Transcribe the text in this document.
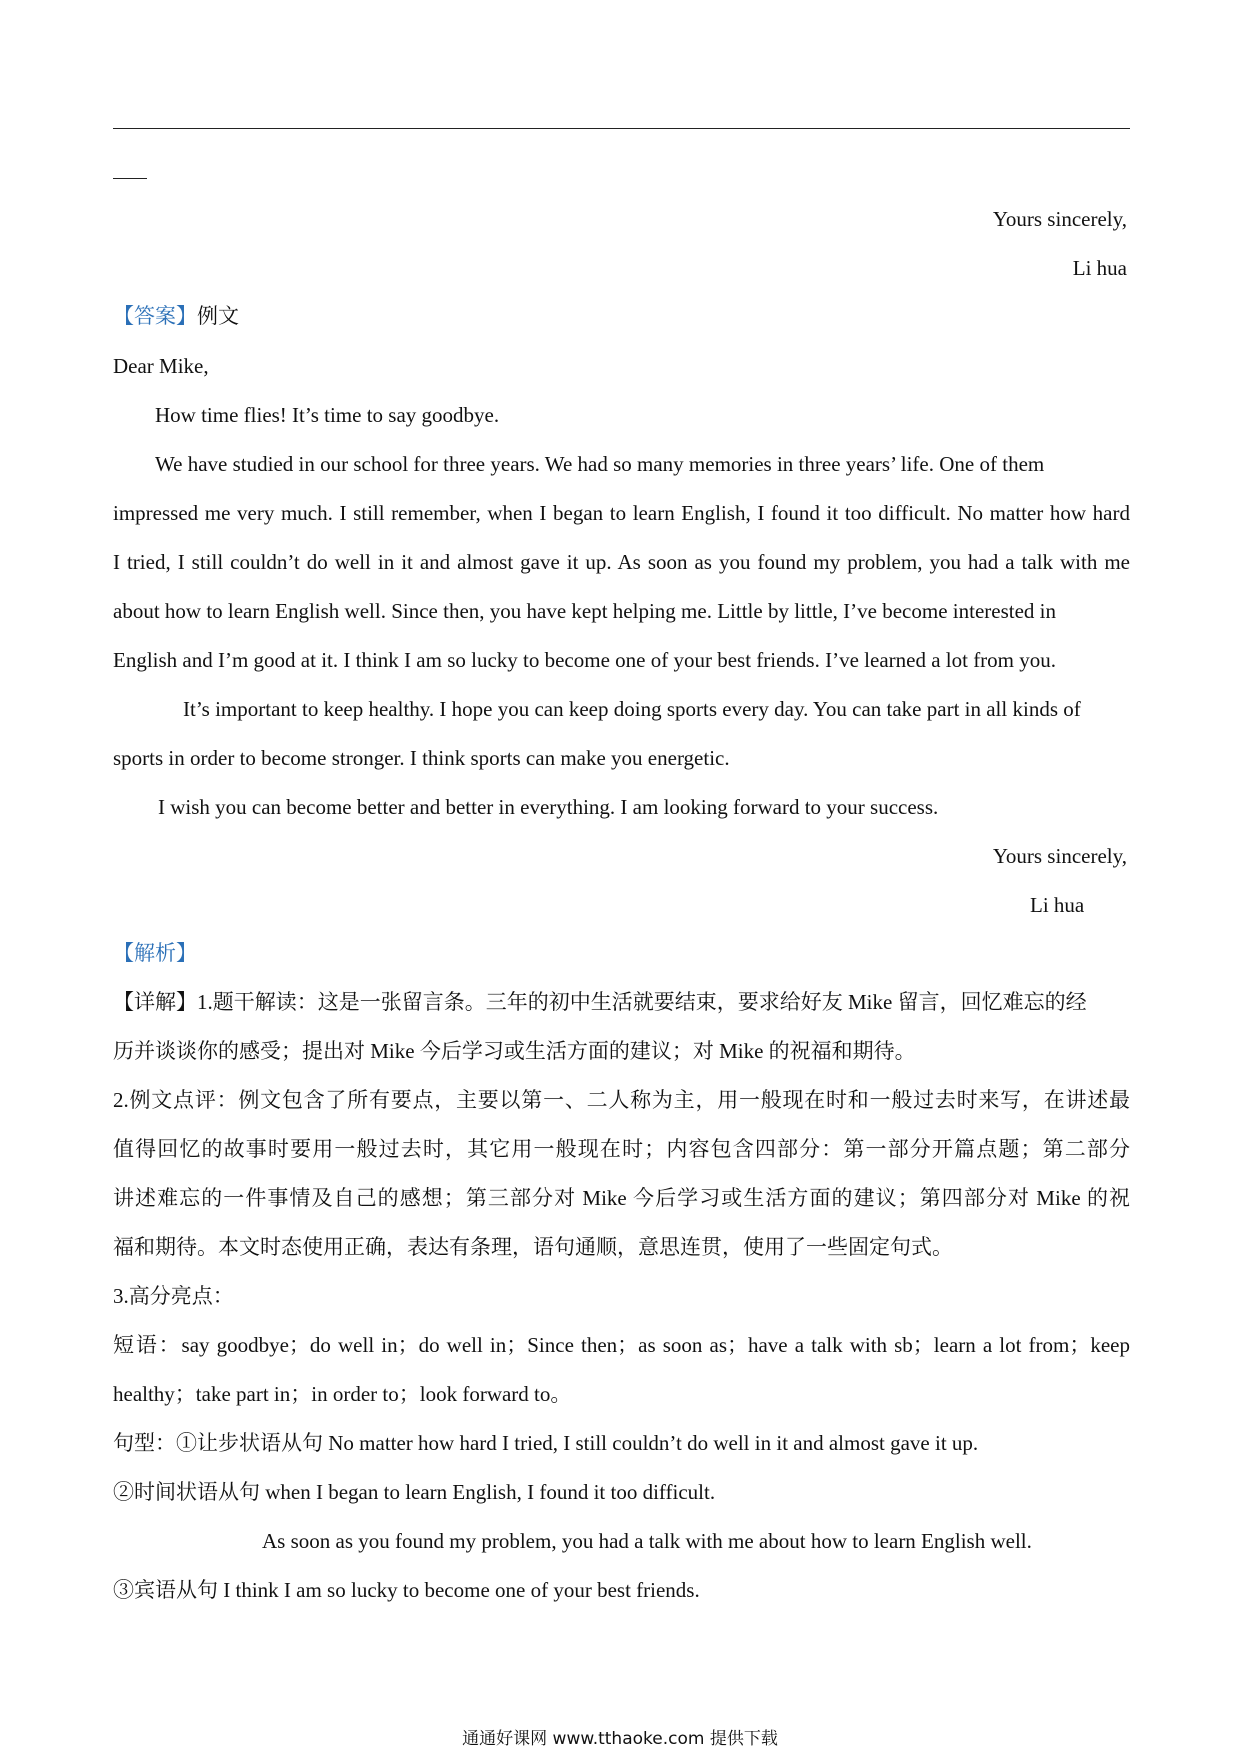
Yours sincerely,
Li hua
【答案】例文
Dear Mike,
How time flies! It’s time to say goodbye.
We have studied in our school for three years. We had so many memories in three years’ life. One of them
impressed me very much. I still remember, when I began to learn English, I found it too difficult. No matter how hard
I tried, I still couldn’t do well in it and almost gave it up. As soon as you found my problem, you had a talk with me
about how to learn English well. Since then, you have kept helping me. Little by little, I’ve become interested in
English and I’m good at it. I think I am so lucky to become one of your best friends. I’ve learned a lot from you.
It’s important to keep healthy. I hope you can keep doing sports every day. You can take part in all kinds of
sports in order to become stronger. I think sports can make you energetic.
I wish you can become better and better in everything. I am looking forward to your success.
Yours sincerely,
Li hua
【解析】
【详解】1.题干解读：这是一张留言条。三年的初中生活就要结束，要求给好友 Mike 留言，回忆难忘的经
历并谈谈你的感受；提出对 Mike 今后学习或生活方面的建议；对 Mike 的祝福和期待。
2.例文点评：例文包含了所有要点，主要以第一、二人称为主，用一般现在时和一般过去时来写，在讲述最
值得回忆的故事时要用一般过去时，其它用一般现在时；内容包含四部分：第一部分开篇点题；第二部分
讲述难忘的一件事情及自己的感想；第三部分对 Mike 今后学习或生活方面的建议；第四部分对 Mike 的祝
福和期待。本文时态使用正确，表达有条理，语句通顺，意思连贯，使用了一些固定句式。
3.高分亮点：
短语：say goodbye；do well in；do well in；Since then；as soon as；have a talk with sb；learn a lot from；keep
healthy；take part in；in order to；look forward to。
句型：①让步状语从句 No matter how hard I tried, I still couldn’t do well in it and almost gave it up.
②时间状语从句 when I began to learn English, I found it too difficult.
As soon as you found my problem, you had a talk with me about how to learn English well.
③宾语从句 I think I am so lucky to become one of your best friends.
通通好课网 www.tthaoke.com 提供下载
